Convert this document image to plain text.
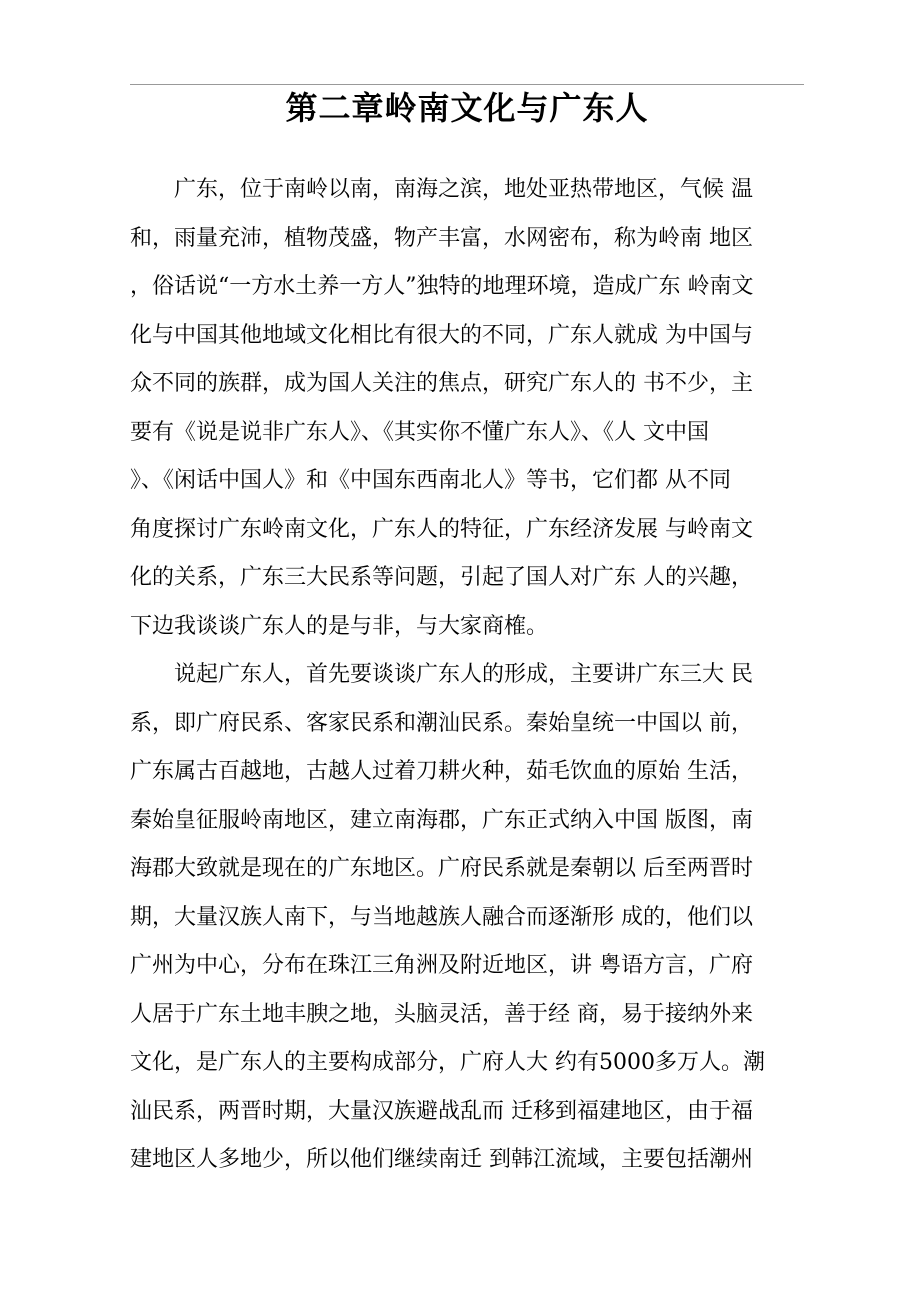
第二章岭南文化与广东人
广东，位于南岭以南，南海之滨，地处亚热带地区，气候 温
和，雨量充沛，植物茂盛，物产丰富，水网密布，称为岭南 地区
，俗话说“一方水土养一方人”独特的地理环境，造成广东 岭南文
化与中国其他地域文化相比有很大的不同，广东人就成 为中国与
众不同的族群，成为国人关注的焦点，研究广东人的 书不少，主
要有《说是说非广东人》、《其实你不懂广东人》、《人 文中国
》、《闲话中国人》和《中国东西南北人》等书，它们都 从不同
角度探讨广东岭南文化，广东人的特征，广东经济发展 与岭南文
化的关系，广东三大民系等问题，引起了国人对广东 人的兴趣，
下边我谈谈广东人的是与非，与大家商榷。
说起广东人，首先要谈谈广东人的形成，主要讲广东三大 民
系，即广府民系、客家民系和潮汕民系。秦始皇统一中国以 前，
广东属古百越地，古越人过着刀耕火种，茹毛饮血的原始 生活，
秦始皇征服岭南地区，建立南海郡，广东正式纳入中国 版图，南
海郡大致就是现在的广东地区。广府民系就是秦朝以 后至两晋时
期，大量汉族人南下，与当地越族人融合而逐渐形 成的，他们以
广州为中心，分布在珠江三角洲及附近地区，讲 粤语方言，广府
人居于广东土地丰腴之地，头脑灵活，善于经 商，易于接纳外来
文化，是广东人的主要构成部分，广府人大 约有5000多万人。潮
汕民系，两晋时期，大量汉族避战乱而 迁移到福建地区，由于福
建地区人多地少，所以他们继续南迁 到韩江流域，主要包括潮州
